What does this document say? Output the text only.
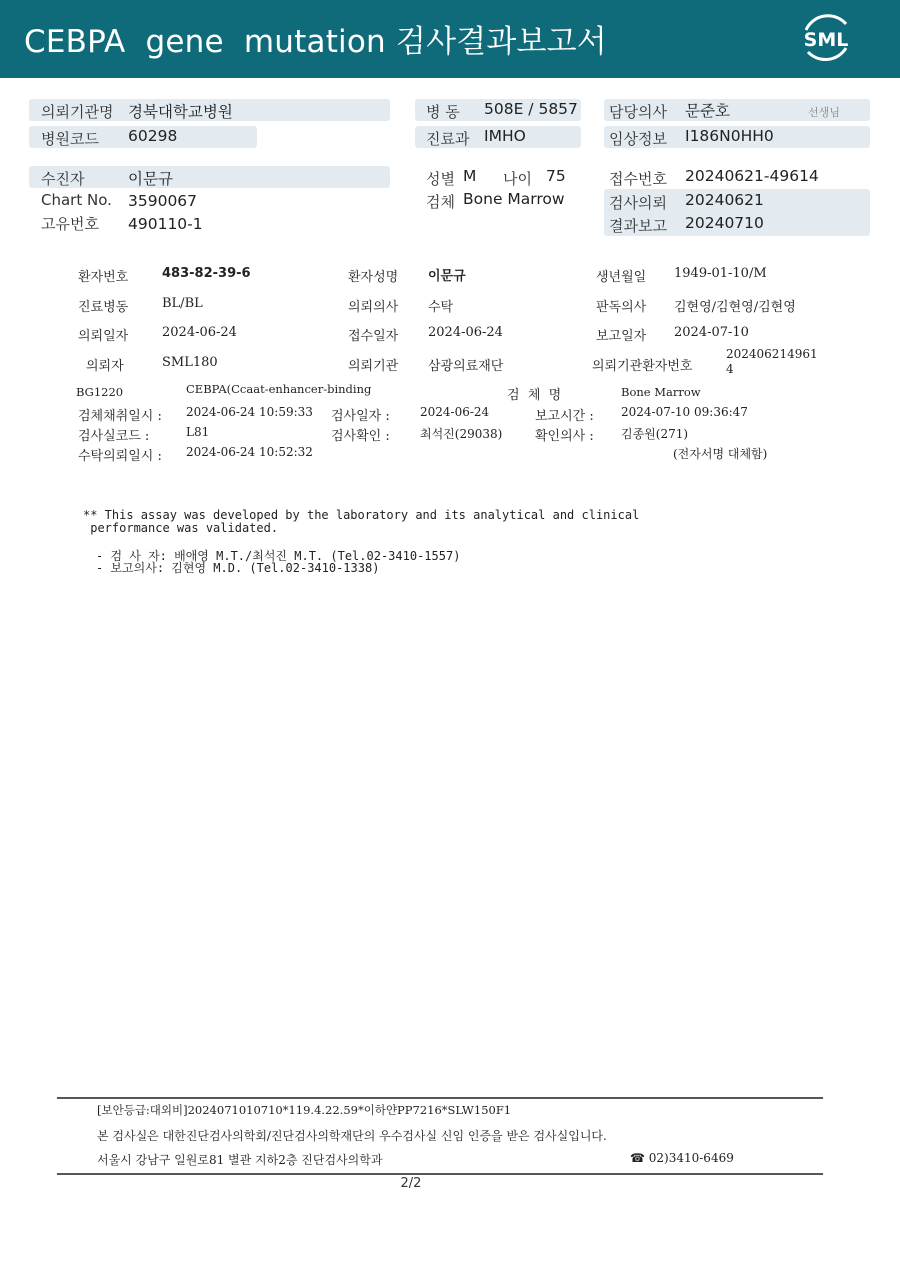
CEBPA  gene  mutation 검사결과보고서	SML
의뢰기관명 경북대학교병원
병원코드 60298
병 동 508E / 5857
진료과 IMHO
담당의사 문준호	선생님
임상정보 I186N0HH0
수진자	이문규
Chart No. 3590067
고유번호 490110-1
성별 M 나이 75
검체 Bone Marrow
접수번호 20240621-49614
검사의뢰 20240621
결과보고 20240710
환자번호	483-82-39-6	환자성명 이문규	생년월일 1949-01-10/M
진료병동	BL/BL	의뢰의사 수탁	판독의사 김현영/김현영/김현영
의뢰일자	2024-06-24	접수일자 2024-06-24	보고일자 2024-07-10
의뢰자	SML180	의뢰기관 삼광의료재단	의뢰기관환자번호
202406214961
4
BG1220	CEBPA(Ccaat-enhancer-binding	검  체  명	Bone Marrow
검체채취일시 : 2024-06-24 10:59:33 검사일자 :	2024-06-24	보고시간 : 2024-07-10 09:36:47
검사실코드 :	L81	검사확인 :	최석진(29038)	확인의사 : 김종원(271)
수탁의뢰일시 : 2024-06-24 10:52:32	(전자서명 대체함)
** This assay was developed by the laboratory and its analytical and clinical
performance was validated.
- 검 사 자: 배애영 M.T./최석진 M.T. (Tel.02-3410-1557)
- 보고의사: 김현영 M.D. (Tel.02-3410-1338)
[보안등급:대외비]2024071010710*119.4.22.59*이하얀PP7216*SLW150F1
본 검사실은 대한진단검사의학회/진단검사의학재단의 우수검사실 신임 인증을 받은 검사실입니다.
서울시 강남구 일원로81 별관 지하2층 진단검사의학과	☎ 02)3410-6469
2/2
